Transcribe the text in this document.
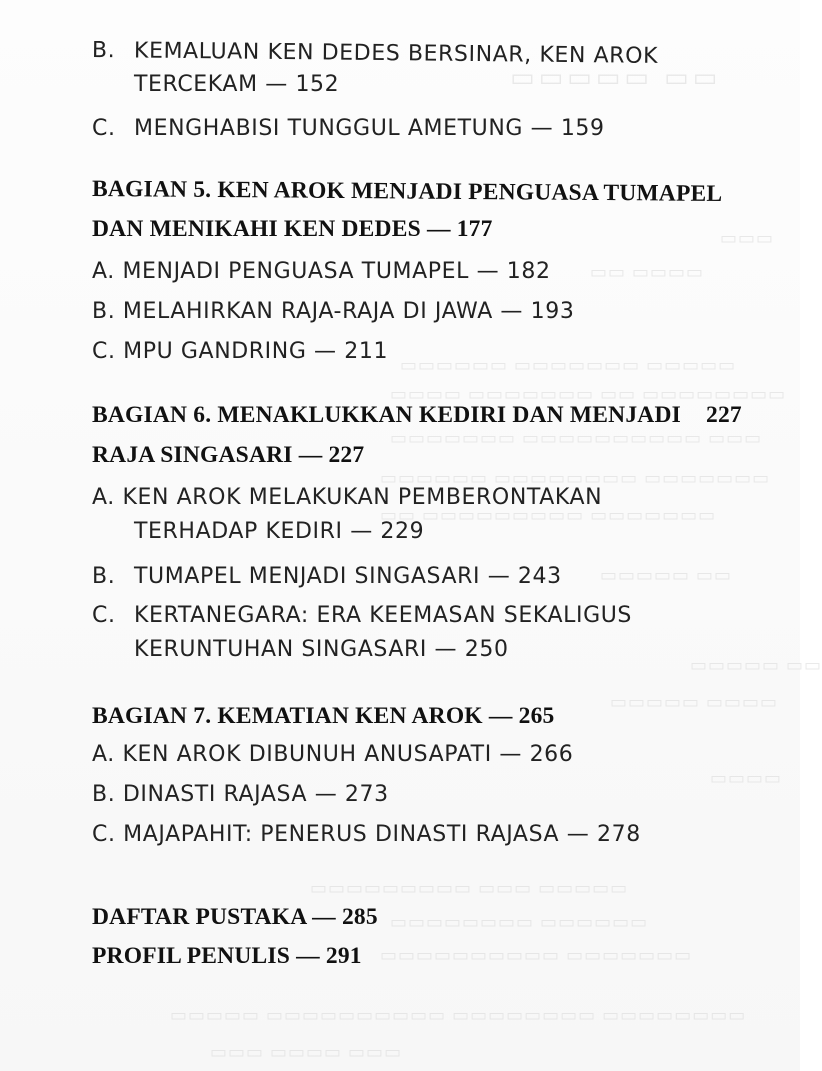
▭▭▭▭▭ ▭▭
▭▭▭
▭▭ ▭▭▭▭
▭▭▭▭▭▭ ▭▭▭▭▭▭▭ ▭▭▭▭▭
▭▭▭▭ ▭▭▭▭▭▭▭ ▭▭ ▭▭▭▭▭▭▭▭
▭▭▭▭▭▭▭ ▭▭▭▭▭▭▭▭▭▭ ▭▭▭
▭▭▭▭▭▭ ▭▭▭▭▭▭▭▭ ▭▭▭▭▭▭▭
▭▭ ▭▭▭▭▭▭▭▭▭ ▭▭▭▭▭▭▭
▭▭▭▭▭ ▭▭
▭▭▭▭▭ ▭▭
▭▭▭▭▭ ▭▭▭▭
▭▭▭▭
▭▭▭▭▭▭▭▭▭ ▭▭▭ ▭▭▭▭▭
▭▭▭▭▭▭▭▭ ▭▭▭▭▭▭
▭▭▭▭▭▭▭▭▭▭ ▭▭▭▭▭▭▭
▭▭▭▭▭ ▭▭▭▭▭▭▭▭▭▭ ▭▭▭▭▭▭▭▭ ▭▭▭▭▭▭▭▭
▭▭▭ ▭▭▭▭ ▭▭▭
B. KEMALUAN KEN DEDES BERSINAR, KEN AROK
TERCEKAM — 152
C. MENGHABISI TUNGGUL AMETUNG — 159
BAGIAN 5. KEN AROK MENJADI PENGUASA TUMAPEL
DAN MENIKAHI KEN DEDES — 177
A. MENJADI PENGUASA TUMAPEL — 182
B. MELAHIRKAN RAJA-RAJA DI JAWA — 193
C. MPU GANDRING — 211
BAGIAN 6. MENAKLUKKAN KEDIRI DAN MENJADI 227
RAJA SINGASARI — 227
A. KEN AROK MELAKUKAN PEMBERONTAKAN
TERHADAP KEDIRI — 229
B. TUMAPEL MENJADI SINGASARI — 243
C. KERTANEGARA: ERA KEEMASAN SEKALIGUS
KERUNTUHAN SINGASARI — 250
BAGIAN 7. KEMATIAN KEN AROK — 265
A. KEN AROK DIBUNUH ANUSAPATI — 266
B. DINASTI RAJASA — 273
C. MAJAPAHIT: PENERUS DINASTI RAJASA — 278
DAFTAR PUSTAKA — 285
PROFIL PENULIS — 291
